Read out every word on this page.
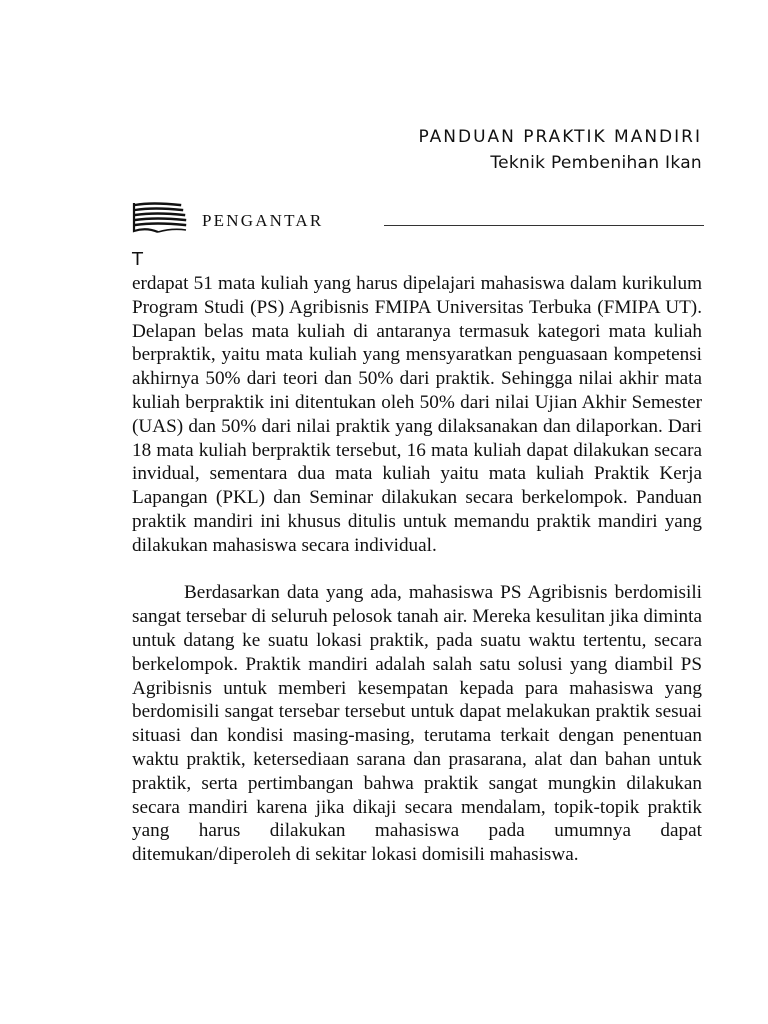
PANDUAN PRAKTIK MANDIRI
Teknik Pembenihan Ikan
PENGANTAR
T

erdapat 51 mata kuliah yang harus dipelajari mahasiswa dalam kurikulum Program Studi (PS) Agribisnis FMIPA Universitas Terbuka (FMIPA UT). Delapan belas mata kuliah di antaranya termasuk kategori mata kuliah berpraktik, yaitu mata kuliah yang mensyaratkan penguasaan kompetensi akhirnya 50% dari teori dan 50% dari praktik. Sehingga nilai akhir mata kuliah berpraktik ini ditentukan oleh 50% dari nilai Ujian Akhir Semester (UAS) dan 50% dari nilai praktik yang dilaksanakan dan dilaporkan. Dari 18 mata kuliah berpraktik tersebut, 16 mata kuliah dapat dilakukan secara invidual, sementara dua mata kuliah yaitu mata kuliah Praktik Kerja Lapangan (PKL) dan Seminar dilakukan secara berkelompok. Panduan praktik mandiri ini khusus ditulis untuk memandu praktik mandiri yang dilakukan mahasiswa secara individual.

Berdasarkan data yang ada, mahasiswa PS Agribisnis berdomisili sangat tersebar di seluruh pelosok tanah air. Mereka kesulitan jika diminta untuk datang ke suatu lokasi praktik, pada suatu waktu tertentu, secara berkelompok. Praktik mandiri adalah salah satu solusi yang diambil PS Agribisnis untuk memberi kesempatan kepada para mahasiswa yang berdomisili sangat tersebar tersebut untuk dapat melakukan praktik sesuai situasi dan kondisi masing-masing, terutama terkait dengan penentuan waktu praktik, ketersediaan sarana dan prasarana, alat dan bahan untuk praktik, serta pertimbangan bahwa praktik sangat mungkin dilakukan secara mandiri karena jika dikaji secara mendalam, topik-topik praktik yang harus dilakukan mahasiswa pada umumnya dapat ditemukan/diperoleh di sekitar lokasi domisili mahasiswa.
